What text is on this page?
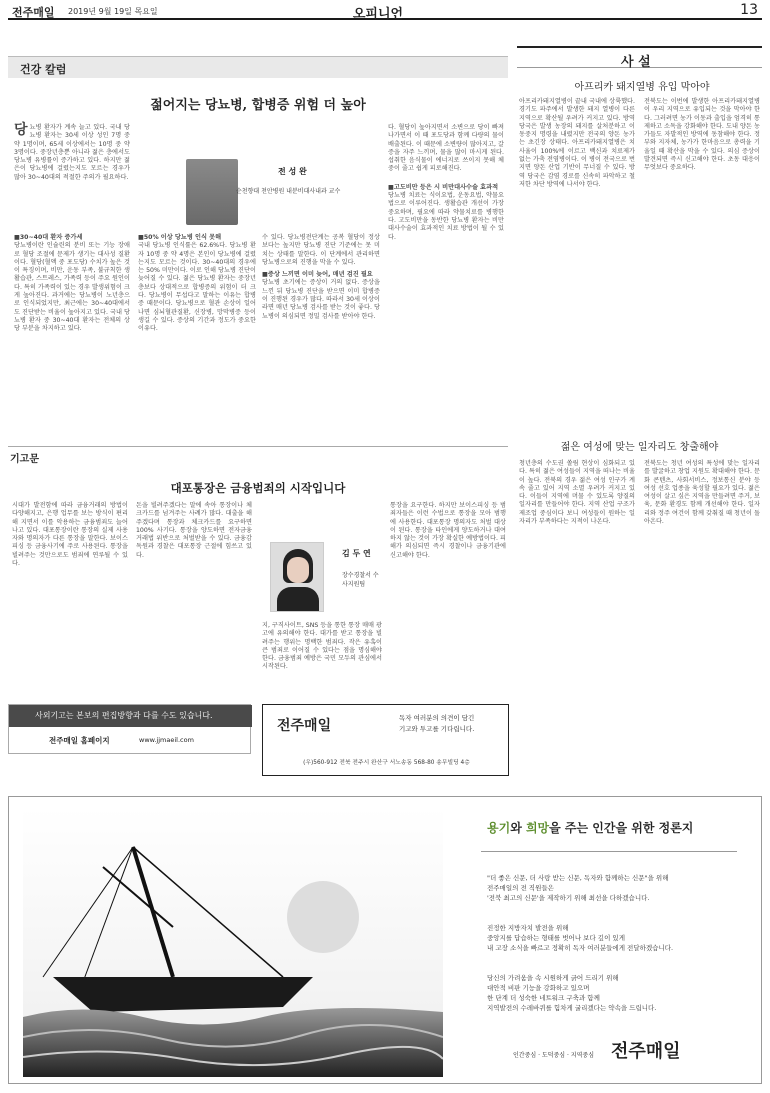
전주매일 2019년 9월 19일 목요일	오피니언	13
건강 칼럼
젊어지는 당뇨병, 합병증 위험 더 높아
당뇨병 환자가 계속 늘고 있다. 국내 당뇨병 환자는 30세 이상 성인 7명 중 약 1명이며, 65세 이상에서는 10명 중 약 3명이다. 중장년층뿐 아니라 젊은 층에서도 당뇨병 유병률이 증가하고 있다. 하지만 젊은이 당뇨병에 걸렸는지도 모르는 경우가 많아 30~40대의 적절한 주의가 필요하다.
■30~40대 환자 증가세
당뇨병이란 인슐린의 분비 또는 기능 장애로 혈당 조절에 문제가 생기는 대사성 질환이다. 혈당(혈액 중 포도당) 수치가 높은 것이 특징이며, 비만, 운동 부족, 불규칙한 생활습관, 스트레스, 가족력 등이 주요 원인이다. 특히 가족력이 있는 경우 발생위험이 크게 높아진다. 과거에는 당뇨병이 노년층으로 인식되었지만, 최근에는 30~40대에서도 진단받는 비율이 높아지고 있다. 국내 당뇨병 환자 중 30~40대 환자는 전체의 상당 부분을 차지하고 있다.
전 성 완
순천향대 천안병원 내분비대사내과 교수
■50% 이상 당뇨병 인식 못해
국내 당뇨병 인식률은 62.6%다. 당뇨병 환자 10명 중 약 4명은 본인이 당뇨병에 걸렸는지도 모르는 것이다. 30~40대의 경우에는 50% 미만이다. 이로 인해 당뇨병 진단이 늦어질 수 있다. 젊은 당뇨병 환자는 중장년층보다 상대적으로 합병증의 위험이 더 크다. 당뇨병이 무섭다고 말하는 이유는 합병증 때문이다. 당뇨병으로 혈관 손상이 일어나면 심뇌혈관질환, 신장병, 망막병증 등이 생길 수 있다. 증상의 기간과 정도가 중요한 이유다.
수 있다. 당뇨병전단계는 공복 혈당이 정상보다는 높지만 당뇨병 진단 기준에는 못 미치는 상태를 말한다. 이 단계에서 관리하면 당뇨병으로의 진행을 막을 수 있다.
■증상 느끼면 이미 늦어, 매년 검진 필요
당뇨병 초기에는 증상이 거의 없다. 증상을 느낀 뒤 당뇨병 진단을 받으면 이미 합병증이 진행된 경우가 많다. 따라서 30세 이상이라면 매년 당뇨병 검사를 받는 것이 좋다. 당뇨병이 의심되면 정밀 검사를 받아야 한다.
다. 혈당이 높아지면서 소변으로 당이 빠져나가면서 이 때 포도당과 함께 다량의 물이 배출된다. 이 때문에 소변량이 많아지고, 갈증을 자주 느끼며, 물을 많이 마시게 된다. 섭취한 음식물이 에너지로 쓰이지 못해 체중이 줄고 쉽게 피로해진다.
■고도비만 등은 시 비만대사수술 효과적
당뇨병 치료는 식이요법, 운동요법, 약물요법으로 이루어진다. 생활습관 개선이 가장 중요하며, 필요에 따라 약물치료를 병행한다. 고도비만을 동반한 당뇨병 환자는 비만대사수술이 효과적인 치료 방법이 될 수 있다.
사 설
아프리카 돼지열병 유입 막아야
아프리카돼지열병이 끝내 국내에 상륙했다. 경기도 파주에서 발생한 돼지 열병이 다른 지역으로 확산될 우려가 커지고 있다. 방역 당국은 발생 농장의 돼지를 살처분하고 이동중지 명령을 내렸지만 전국의 양돈 농가는 초긴장 상태다. 아프리카돼지열병은 치사율이 100%에 이르고 백신과 치료제가 없는 가축 전염병이다. 이 병이 전국으로 번지면 양돈 산업 기반이 무너질 수 있다. 방역 당국은 감염 경로를 신속히 파악하고 철저한 차단 방역에 나서야 한다.
전북도는 이번에 발생한 아프리카돼지열병이 우리 지역으로 유입되는 것을 막아야 한다. 그러려면 농가 이동과 출입을 엄격히 통제하고 소독을 강화해야 한다. 도내 양돈 농가들도 자발적인 방역에 동참해야 한다. 정부와 지자체, 농가가 한마음으로 총력을 기울일 때 확산을 막을 수 있다. 의심 증상이 발견되면 즉시 신고해야 한다. 초동 대응이 무엇보다 중요하다.
젊은 여성에 맞는 일자리도 창출해야
청년층의 수도권 쏠림 현상이 심화되고 있다. 특히 젊은 여성들이 지역을 떠나는 비율이 높다. 전북의 경우 젊은 여성 인구가 계속 줄고 있어 지역 소멸 우려가 커지고 있다. 이들이 지역에 머물 수 있도록 양질의 일자리를 만들어야 한다. 지역 산업 구조가 제조업 중심이다 보니 여성들이 원하는 일자리가 부족하다는 지적이 나온다.
전북도는 청년 여성의 특성에 맞는 일자리를 발굴하고 창업 지원도 확대해야 한다. 문화 콘텐츠, 사회서비스, 정보통신 분야 등 여성 선호 업종을 육성할 필요가 있다. 젊은 여성이 살고 싶은 지역을 만들려면 주거, 보육, 문화 환경도 함께 개선해야 한다. 일자리와 정주 여건이 함께 갖춰질 때 청년이 돌아온다.
기고문
대포통장은 금융범죄의 시작입니다
시대가 발전함에 따라 금융거래의 방법이 다양해지고, 은행 업무를 보는 방식이 편리해 지면서 이를 악용하는 금융범죄도 늘어나고 있다. 대포통장이란 통장의 실제 사용자와 명의자가 다른 통장을 말한다. 보이스피싱 등 금융사기에 주로 사용된다. 통장을 빌려주는 것만으로도 범죄에 연루될 수 있다.
돈을 빌려주겠다는 말에 속아 통장이나 체크카드를 넘겨주는 사례가 많다. 대출을 해 주겠다며 통장과 체크카드를 요구하면 100% 사기다. 통장을 양도하면 전자금융거래법 위반으로 처벌받을 수 있다. 금융감독원과 경찰은 대포통장 근절에 힘쓰고 있다.	김 두 연
장수경찰서 수사지원팀
지, 구직사이트, SNS 등을 통한 통장 매매 광고에 유의해야 한다. 대가를 받고 통장을 빌려주는 행위는 명백한 범죄다. 작은 유혹이 큰 범죄로 이어질 수 있다는 점을 명심해야 한다. 금융범죄 예방은 국민 모두의 관심에서 시작된다.
통장을 요구한다. 하지만 보이스피싱 등 범죄자들은 이런 수법으로 통장을 모아 범행에 사용한다. 대포통장 명의자도 처벌 대상이 된다. 통장을 타인에게 양도하거나 대여하지 않는 것이 가장 확실한 예방법이다. 피해가 의심되면 즉시 경찰이나 금융기관에 신고해야 한다.
사외기고는 본보의 편집방향과 다를 수도 있습니다.
전주매일 홈페이지	www.jjmaeil.com
전주매일	독자 여러분의 의견이 담긴
기고와 투고를 기다립니다.
(우)560-912 전북 전주시 완산구 서노송동 568-80 송무빌딩 4층
용기와 희망을 주는 인간을 위한 정론지
"더 좋은 신문, 더 사랑 받는 신문, 독자와 함께하는 신문"을 위해
전주매일의 전 직원들은
'전북 최고의 신문'을 제작하기 위해 최선을 다하겠습니다.
진정한 지방자치 발전을 위해
중앙지를 답습하는 형태를 벗어나 보다 깊이 있게
내 고장 소식을 빠르고 정확히 독자 여러분들에게 전달하겠습니다.
당신의 가려움을 속 시원하게 긁어 드리기 위해
대안적 비판 기능을 강화하고 있으며
한 단계 더 성숙한 네트워크 구축과 함께
지역발전의 수레바퀴를 힘차게 굴리겠다는 약속을 드립니다.
인간중심 · 도덕중심 · 지역중심 전주매일
